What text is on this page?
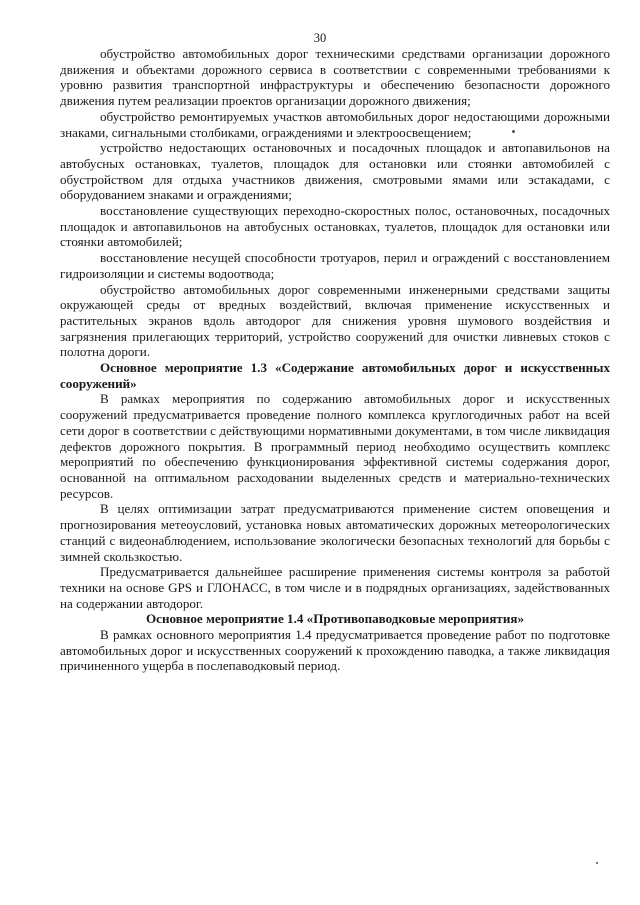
30

обустройство автомобильных дорог техническими средствами организации дорожного движения и объектами дорожного сервиса в соответствии с современными требованиями к уровню развития транспортной инфраструктуры и обеспечению безопасности дорожного движения путем реализации проектов организации дорожного движения;

обустройство ремонтируемых участков автомобильных дорог недостающими дорожными знаками, сигнальными столбиками, ограждениями и электроосвещением;

устройство недостающих остановочных и посадочных площадок и автопавильонов на автобусных остановках, туалетов, площадок для остановки или стоянки автомобилей с обустройством для отдыха участников движения, смотровыми ямами или эстакадами, с оборудованием знаками и ограждениями;

восстановление существующих переходно-скоростных полос, остановочных, посадочных площадок и автопавильонов на автобусных остановках, туалетов, площадок для остановки или стоянки автомобилей;

восстановление несущей способности тротуаров, перил и ограждений с восстановлением гидроизоляции и системы водоотвода;

обустройство автомобильных дорог современными инженерными средствами защиты окружающей среды от вредных воздействий, включая применение искусственных и растительных экранов вдоль автодорог для снижения уровня шумового воздействия и загрязнения прилегающих территорий, устройство сооружений для очистки ливневых стоков с полотна дороги.

Основное мероприятие 1.3 «Содержание автомобильных дорог и искусственных сооружений»

В рамках мероприятия по содержанию автомобильных дорог и искусственных сооружений предусматривается проведение полного комплекса круглогодичных работ на всей сети дорог в соответствии с действующими нормативными документами, в том числе ликвидация дефектов дорожного покрытия. В программный период необходимо осуществить комплекс мероприятий по обеспечению функционирования эффективной системы содержания дорог, основанной на оптимальном расходовании выделенных средств и материально-технических ресурсов.

В целях оптимизации затрат предусматриваются применение систем оповещения и прогнозирования метеоусловий, установка новых автоматических дорожных метеорологических станций с видеонаблюдением, использование экологически безопасных технологий для борьбы с зимней скользкостью.

Предусматривается дальнейшее расширение применения системы контроля за работой техники на основе GPS и ГЛОНАСС, в том числе и в подрядных организациях, задействованных на содержании автодорог.

Основное мероприятие 1.4 «Противопаводковые мероприятия»

В рамках основного мероприятия 1.4 предусматривается проведение работ по подготовке автомобильных дорог и искусственных сооружений к прохождению паводка, а также ликвидация причиненного ущерба в послепаводковый период.
